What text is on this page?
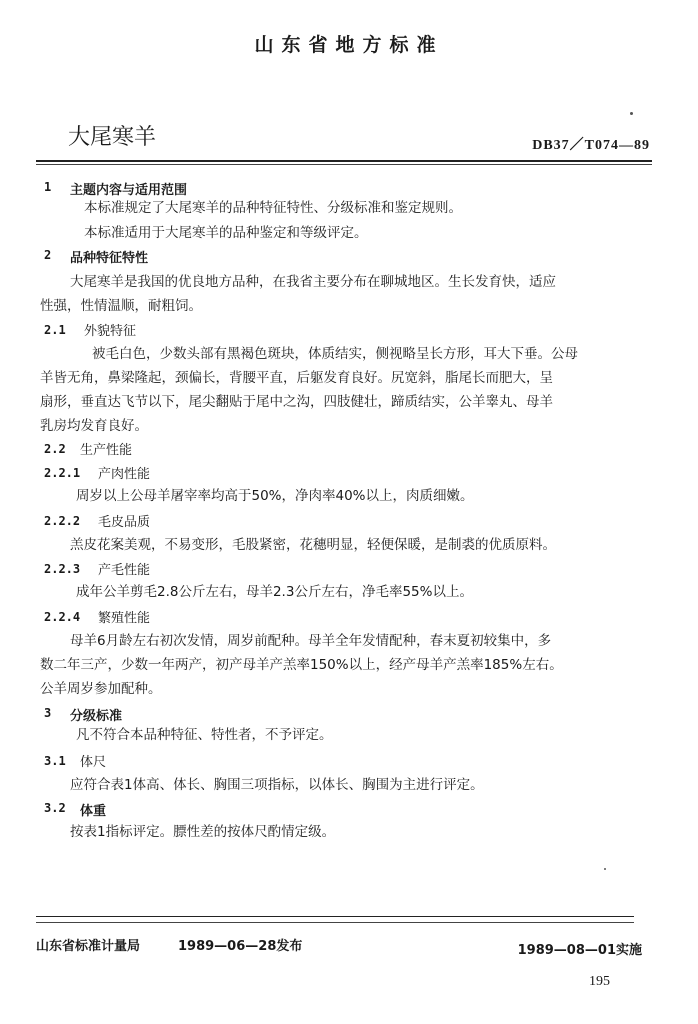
山东省地方标准
大尾寒羊	DB37／T074—89
1 主题内容与适用范围
本标准规定了大尾寒羊的品种特征特性、分级标准和鉴定规则。
本标准适用于大尾寒羊的品种鉴定和等级评定。
2 品种特征特性
大尾寒羊是我国的优良地方品种，在我省主要分布在聊城地区。生长发育快，适应
性强，性情温顺，耐粗饲。
2.1 外貌特征
被毛白色，少数头部有黑褐色斑块，体质结实，侧视略呈长方形，耳大下垂。公母
羊皆无角，鼻梁隆起，颈偏长，背腰平直，后躯发育良好。尻宽斜，脂尾长而肥大，呈
扇形，垂直达飞节以下，尾尖翻贴于尾中之沟，四肢健壮，蹄质结实，公羊睾丸、母羊
乳房均发育良好。
2.2 生产性能
2.2.1 产肉性能
周岁以上公母羊屠宰率均高于50%，净肉率40%以上，肉质细嫩。
2.2.2 毛皮品质
羔皮花案美观，不易变形，毛股紧密，花穗明显，轻便保暖，是制裘的优质原料。
2.2.3 产毛性能
成年公羊剪毛2.8公斤左右，母羊2.3公斤左右，净毛率55%以上。
2.2.4 繁殖性能
母羊6月龄左右初次发情，周岁前配种。母羊全年发情配种，春末夏初较集中，多
数二年三产，少数一年两产，初产母羊产羔率150%以上，经产母羊产羔率185%左右。
公羊周岁参加配种。
3 分级标准
凡不符合本品种特征、特性者，不予评定。
3.1 体尺
应符合表1体高、体长、胸围三项指标，以体长、胸围为主进行评定。
3.2 体重
按表1指标评定。膘性差的按体尺酌情定级。
山东省标准计量局	1989—06—28发布	1989—08—01实施
195
